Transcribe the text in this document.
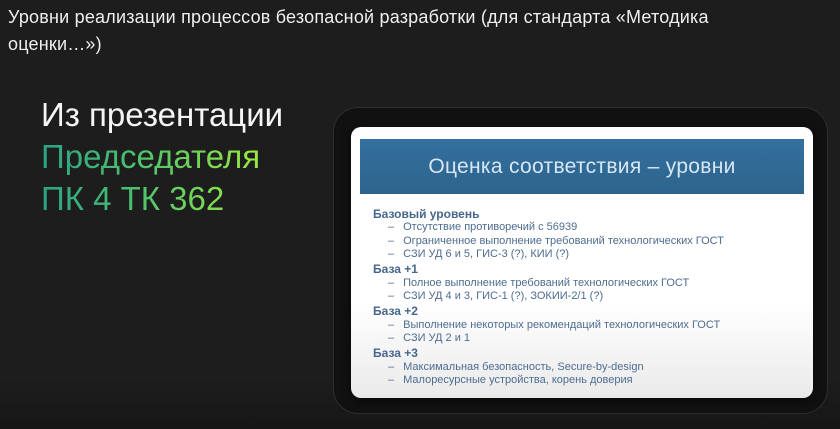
Уровни реализации процессов безопасной разработки (для стандарта «Методика
оценки…»)
Из презентации
Председателя
ПК 4 ТК 362
Оценка соответствия – уровни
Базовый уровень
– Отсутствие противоречий с 56939
– Ограниченное выполнение требований технологических ГОСТ
– СЗИ УД 6 и 5, ГИС-3 (?), КИИ (?)
База +1
– Полное выполнение требований технологических ГОСТ
– СЗИ УД 4 и 3, ГИС-1 (?), ЗОКИИ-2/1 (?)
База +2
– Выполнение некоторых рекомендаций технологических ГОСТ
– СЗИ УД 2 и 1
База +3
– Максимальная безопасность, Secure-by-design
– Малоресурсные устройства, корень доверия
